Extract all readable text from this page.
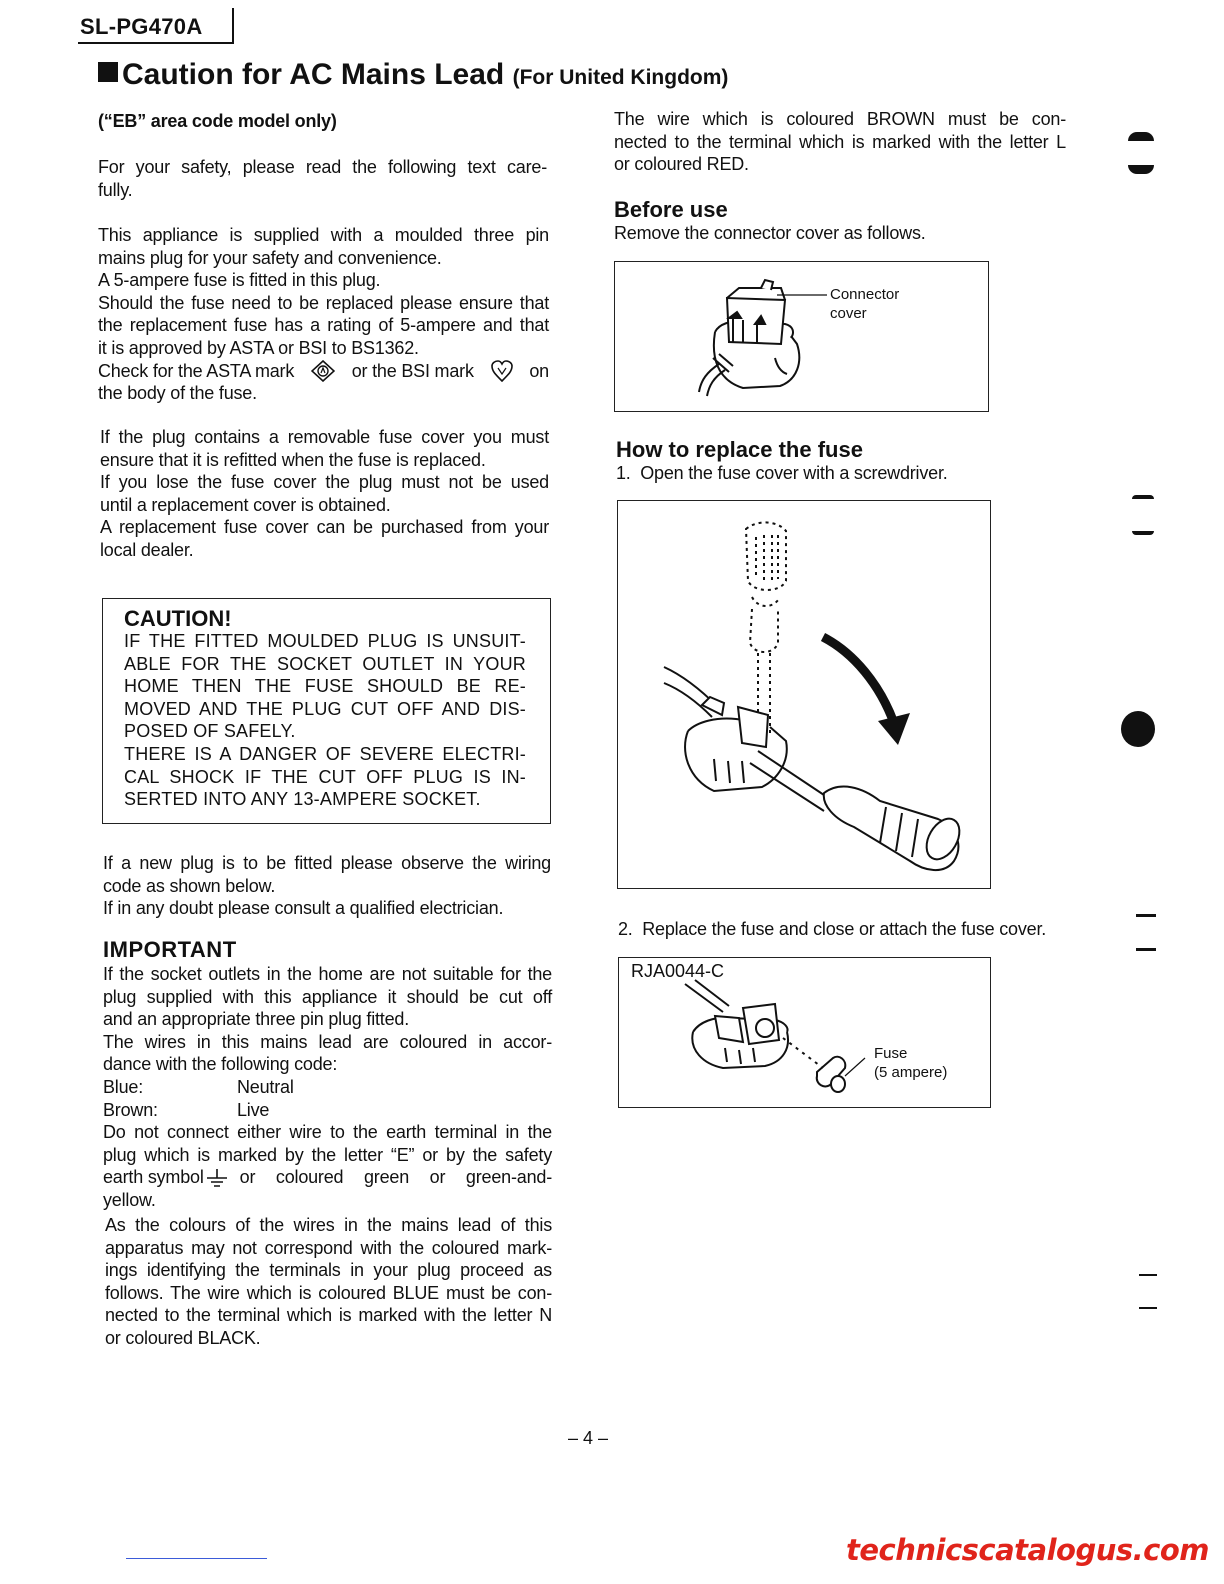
SL-PG470A
Caution for AC Mains Lead (For United Kingdom)
(“EB” area code model only)
For your safety, please read the following text care-
fully.
This appliance is supplied with a moulded three pin
mains plug for your safety and convenience.
A 5-ampere fuse is fitted in this plug.
Should the fuse need to be replaced please ensure that
the replacement fuse has a rating of 5-ampere and that
it is approved by ASTA or BSI to BS1362.
Check for the ASTA mark	or the BSI mark	on
the body of the fuse.
If the plug contains a removable fuse cover you must
ensure that it is refitted when the fuse is replaced.
If you lose the fuse cover the plug must not be used
until a replacement cover is obtained.
A replacement fuse cover can be purchased from your
local dealer.
CAUTION!
IF THE FITTED MOULDED PLUG IS UNSUIT-
ABLE FOR THE SOCKET OUTLET IN YOUR
HOME THEN THE FUSE SHOULD BE RE-
MOVED AND THE PLUG CUT OFF AND DIS-
POSED OF SAFELY.
THERE IS A DANGER OF SEVERE ELECTRI-
CAL SHOCK IF THE CUT OFF PLUG IS IN-
SERTED INTO ANY 13-AMPERE SOCKET.
If a new plug is to be fitted please observe the wiring
code as shown below.
If in any doubt please consult a qualified electrician.
IMPORTANT
If the socket outlets in the home are not suitable for the
plug supplied with this appliance it should be cut off
and an appropriate three pin plug fitted.
The wires in this mains lead are coloured in accor-
dance with the following code:
Blue:	Neutral
Brown:	Live
Do not connect either wire to the earth terminal in the
plug which is marked by the letter “E” or by the safety
earth symbol or coloured green or green-and-
yellow.
As the colours of the wires in the mains lead of this
apparatus may not correspond with the coloured mark-
ings identifying the terminals in your plug proceed as
follows. The wire which is coloured BLUE must be con-
nected to the terminal which is marked with the letter N
or coloured BLACK.
The wire which is coloured BROWN must be con-
nected to the terminal which is marked with the letter L
or coloured RED.
Before use
Remove the connector cover as follows.
Connector
cover
How to replace the fuse
1.  Open the fuse cover with a screwdriver.
2.  Replace the fuse and close or attach the fuse cover.
RJA0044-C
Fuse
(5 ampere)
– 4 –
technicscatalogus.com
